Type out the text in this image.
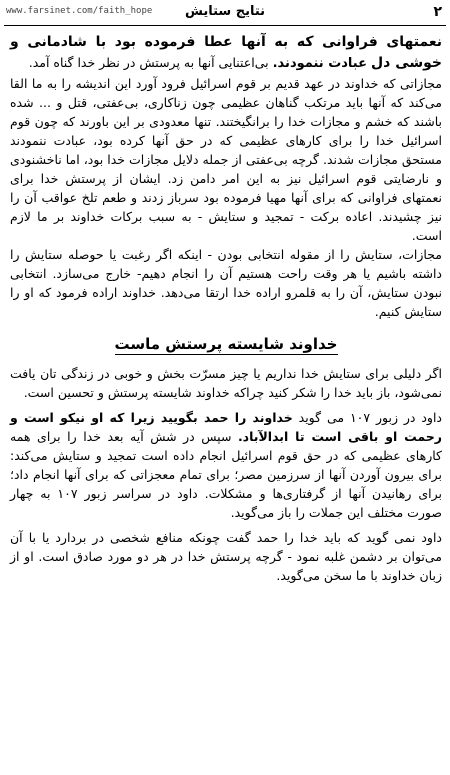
۲
نتایج ستایش
www.farsinet.com/faith_hope

نعمتهای فراوانی که به آنها عطا فرموده بود با شادمانی و خوشی دل عبادت ننمودند. بی‌اعتنایی آنها به پرستش در نظر خدا گناه آمد.

مجازاتی که خداوند در عهد قدیم بر قوم اسرائیل فرود آورد این اندیشه را به ما القا می‌کند که آنها باید مرتکب گناهان عظیمی چون زناکاری، بی‌عفتی، قتل و ... شده باشند که خشم و مجازات خدا را برانگیختند. تنها معدودی بر این باورند که چون قوم اسرائیل خدا را برای کارهای عظیمی که در حق آنها کرده بود، عبادت ننمودند مستحق مجازات شدند. گرچه بی‌عفتی از جمله دلایل مجازات خدا بود، اما ناخشنودی و نارضایتی قوم اسرائیل نیز به این امر دامن زد. ایشان از پرستش خدا برای نعمتهای فراوانی که برای آنها مهیا فرموده بود سرباز زدند و طعم تلخ عواقب آن را نیز چشیدند. اعاده برکت - تمجید و ستایش - به سبب برکات خداوند بر ما لازم است.

مجازات، ستایش را از مقوله انتخابی بودن - اینکه اگر رغبت یا حوصله ستایش را داشته باشیم یا هر وقت راحت هستیم آن را انجام دهیم- خارج می‌سازد. انتخابی نبودن ستایش، آن را به قلمرو اراده خدا ارتقا می‌دهد. خداوند اراده فرمود که او را ستایش کنیم.

خداوند شایسته پرستش ماست

اگر دلیلی برای ستایش خدا نداریم یا چیز مسرّت بخش و خوبی در زندگی تان یافت نمی‌شود، باز باید خدا را شکر کنید چراکه خداوند شایسته پرستش و تحسین است.

داود در زبور ۱۰۷ می گوید خداوند را حمد بگویید زیرا که او نیکو است و رحمت او باقی است تا ابدالآباد. سپس در شش آیه بعد خدا را برای همه کارهای عظیمی که در حق قوم اسرائیل انجام داده است تمجید و ستایش می‌کند: برای بیرون آوردن آنها از سرزمین مصر؛ برای تمام معجزاتی که برای آنها انجام داد؛ برای رهانیدن آنها از گرفتاری‌ها و مشکلات. داود در سراسر زبور ۱۰۷ به چهار صورت مختلف این جملات را باز می‌گوید.

داود نمی گوید که باید خدا را حمد گفت چونکه منافع شخصی در بردارد یا با آن می‌توان بر دشمن غلبه نمود - گرچه پرستش خدا در هر دو مورد صادق است. او از زبان خداوند با ما سخن می‌گوید.
